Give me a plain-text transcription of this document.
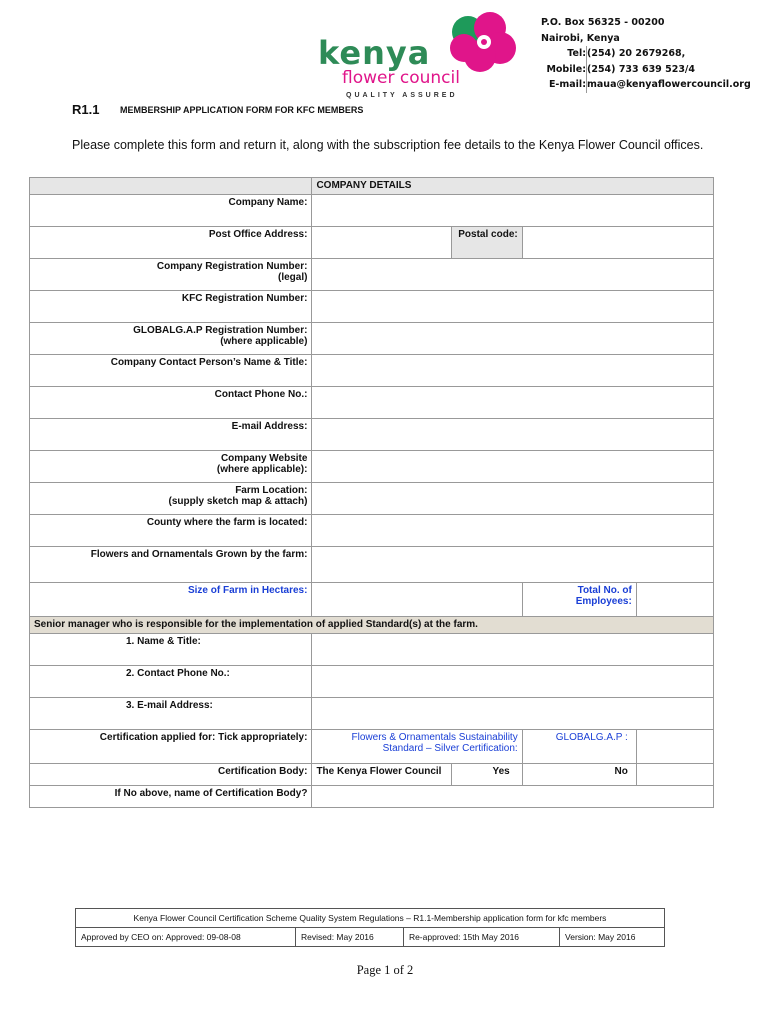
kenya
flower council
QUALITY ASSURED
P.O. Box 56325 - 00200
Nairobi, Kenya
Tel:(254) 20 2679268,
Mobile:(254) 733 639 523/4
E-mail:maua@kenyaflowercouncil.org
R1.1 MEMBERSHIP APPLICATION FORM FOR KFC MEMBERS
Please complete this form and return it, along with the subscription fee details to the Kenya Flower Council offices.
	COMPANY DETAILS			
Company Name:				
Post Office Address:		Postal code:		
Company Registration Number:
(legal)				
KFC Registration Number:				
GLOBALG.A.P Registration Number:
(where applicable)				
Company Contact Person’s Name & Title:				
Contact Phone No.:				
E-mail Address:				
Company Website
(where applicable):				
Farm Location:
(supply sketch map & attach)				
County where the farm is located:				
Flowers and Ornamentals Grown by the farm:				
Size of Farm in Hectares:			Total No. of Employees:	
Senior manager who is responsible for the implementation of applied Standard(s) at the farm.				
1. Name & Title:				
2. Contact Phone No.:				
3. E-mail Address:				
Certification applied for: Tick appropriately:	Flowers & Ornamentals Sustainability Standard – Silver Certification:		GLOBALG.A.P :	

Certification Body:	The Kenya Flower Council	Yes	No	
If No above, name of Certification Body?				
Kenya Flower Council Certification Scheme Quality System Regulations – R1.1-Membership application form for kfc members
Approved by CEO on: Approved: 09-08-08	Revised: May 2016	Re-approved: 15th May 2016	Version: May 2016
Page 1 of 2
